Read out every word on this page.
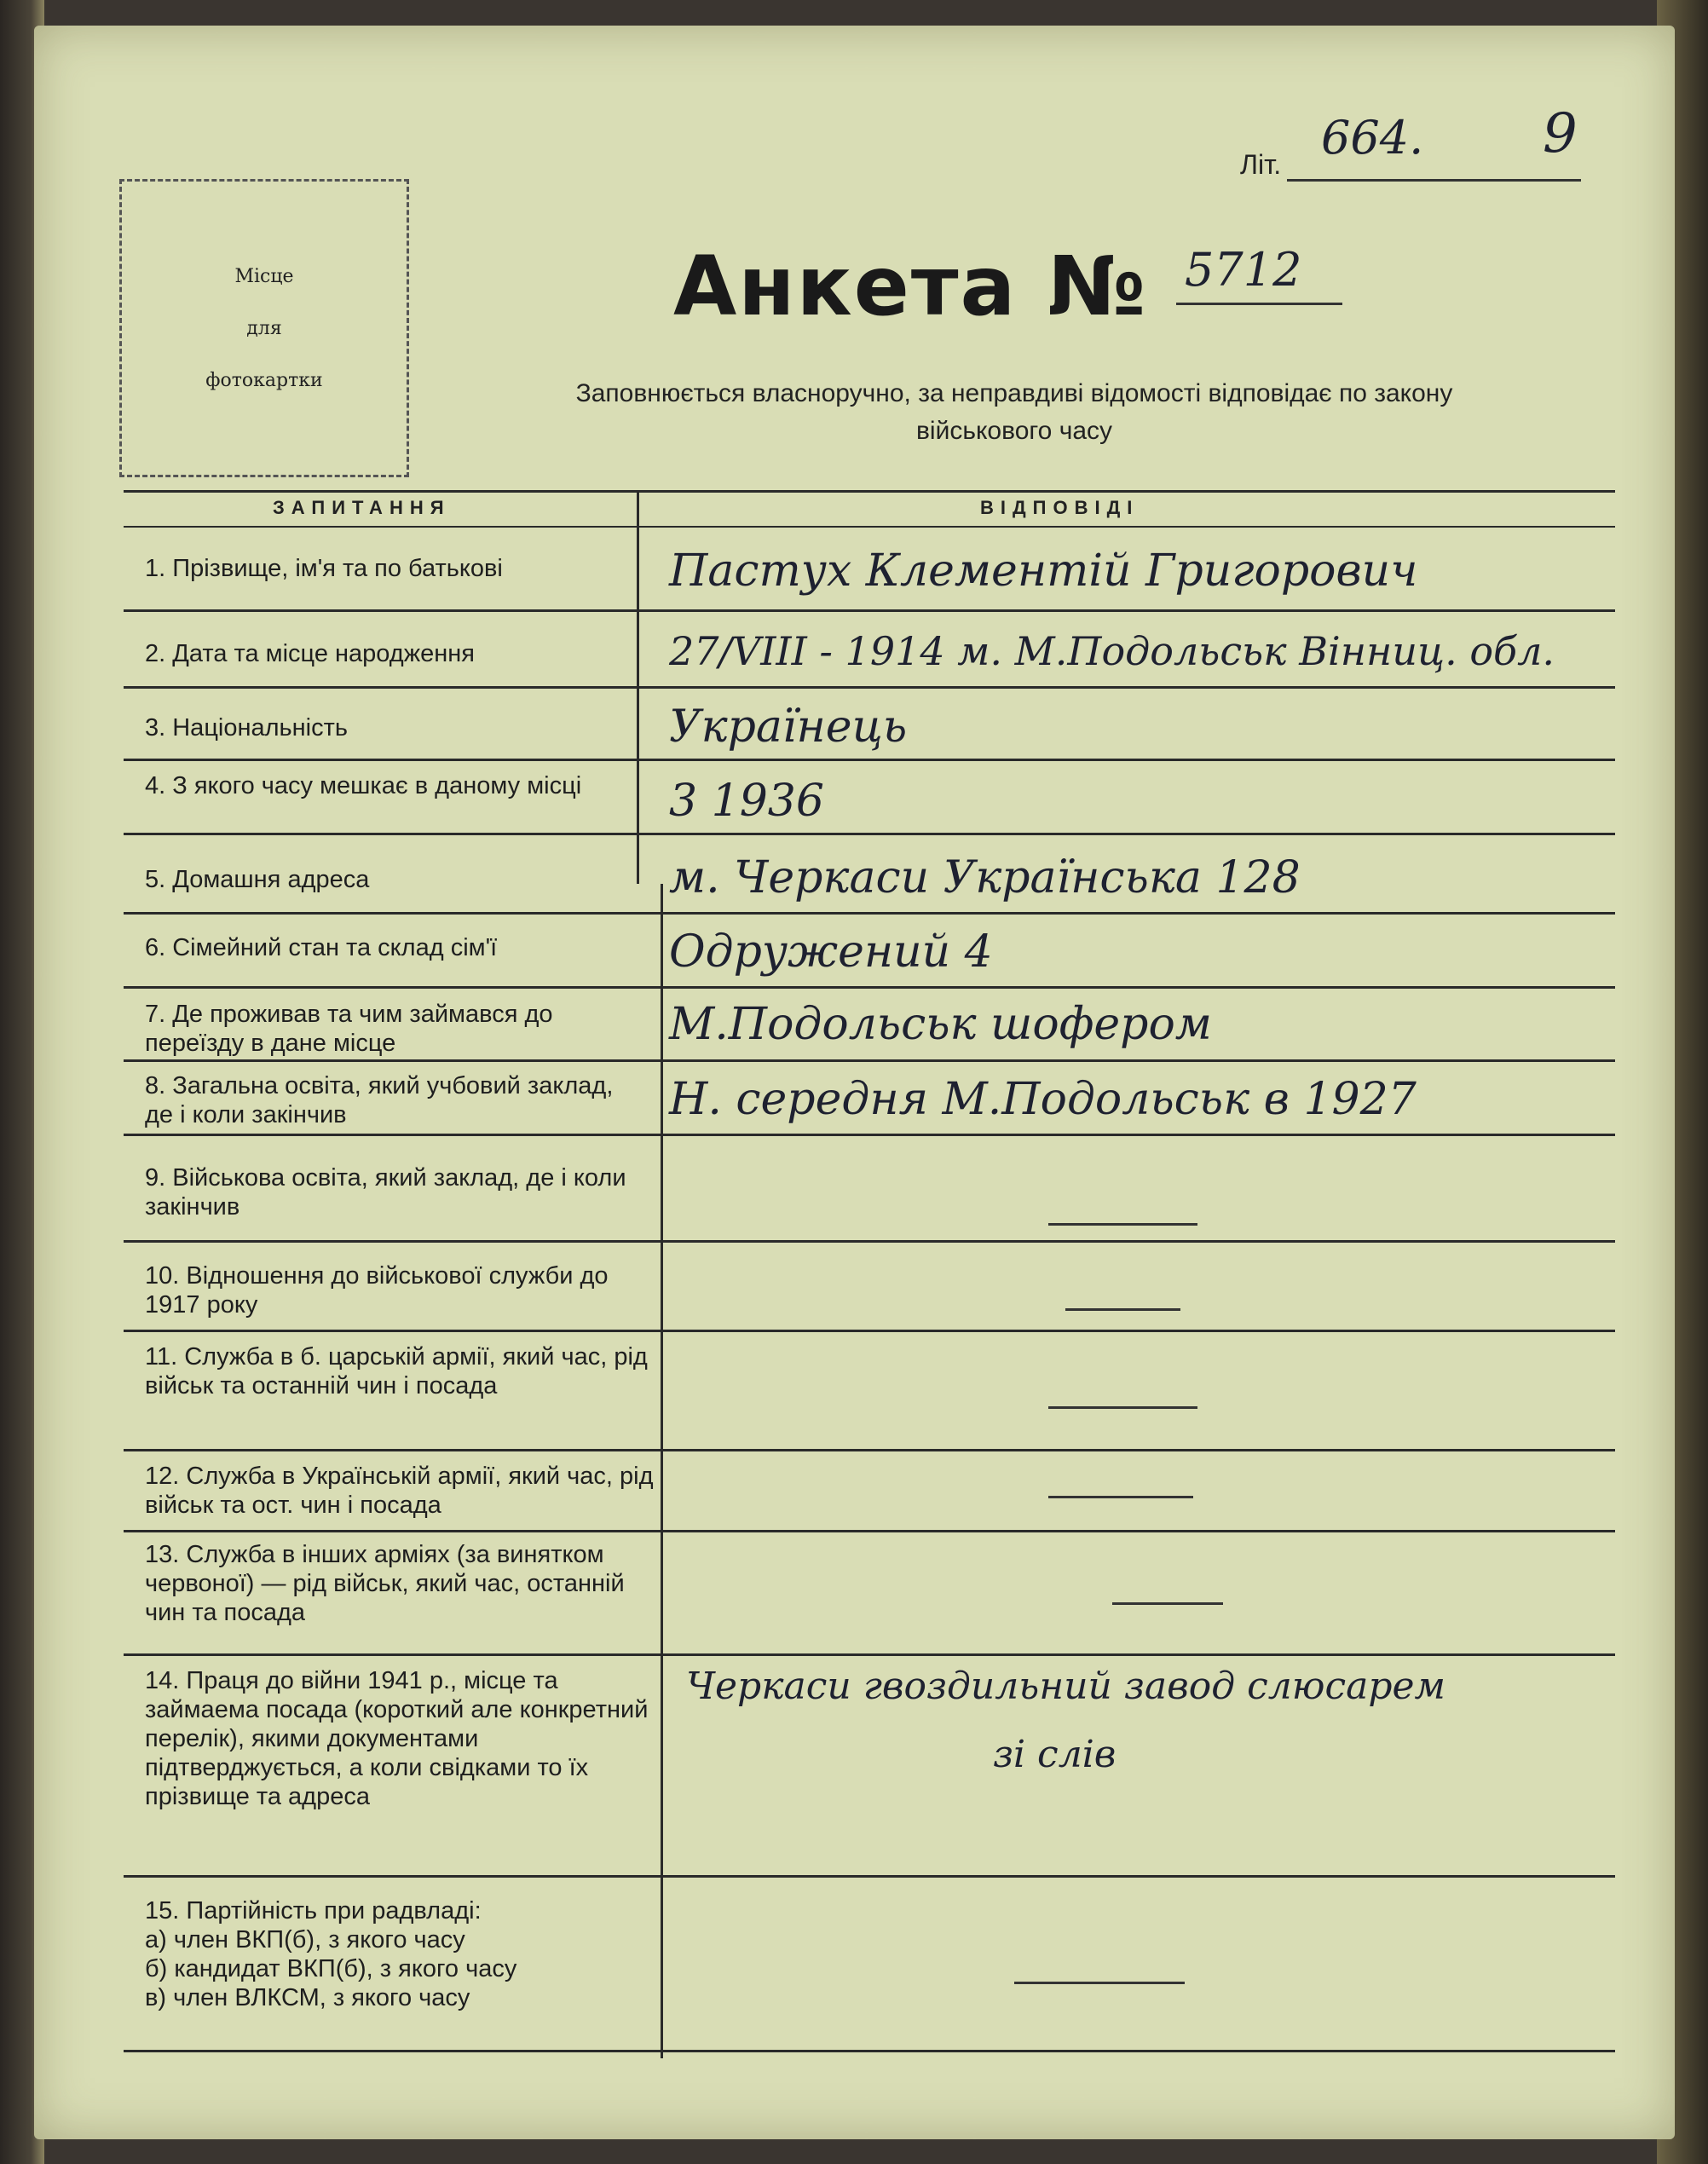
Місце
для
фотокартки
Літ. 664. 9
Анкета № 5712
Заповнюється власноручно, за неправдиві відомості відповідає по закону
військового часу
ЗАПИТАННЯ	ВІДПОВІДІ
1. Прізвище, ім'я та по батькові
2. Дата та місце народження
3. Національність
4. З якого часу мешкає в даному місці
5. Домашня адреса
6. Сімейний стан та склад сім'ї
7. Де проживав та чим займався до переїзду в дане місце
8. Загальна освіта, який учбовий заклад, де і коли закінчив
9. Військова освіта, який заклад, де і коли закінчив
10. Відношення до військової служби до 1917 року
11. Служба в б. царській армії, який час, рід військ та останній чин і посада
12. Служба в Українській армії, який час, рід військ та ост. чин і посада
13. Служба в інших арміях (за винятком червоної) — рід військ, який час, останній чин та посада
14. Праця до війни 1941 р., місце та займаема посада (короткий але конкретний перелік), якими документами підтверджується, а коли свідками то їх прізвище та адреса
15. Партійність при радвладі:
а) член ВКП(б), з якого часу
б) кандидат ВКП(б), з якого часу
в) член ВЛКСМ, з якого часу
Пастух Клементій Григорович
27/VIII - 1914 м. М.Подольськ Вінниц. обл.
Українець
3 1936
м. Черкаси Українська 128
Одружений 4
М.Подольськ шофером
Н. середня М.Подольськ в 1927
Черкаси гвоздильний завод слюсарем
зі слів
